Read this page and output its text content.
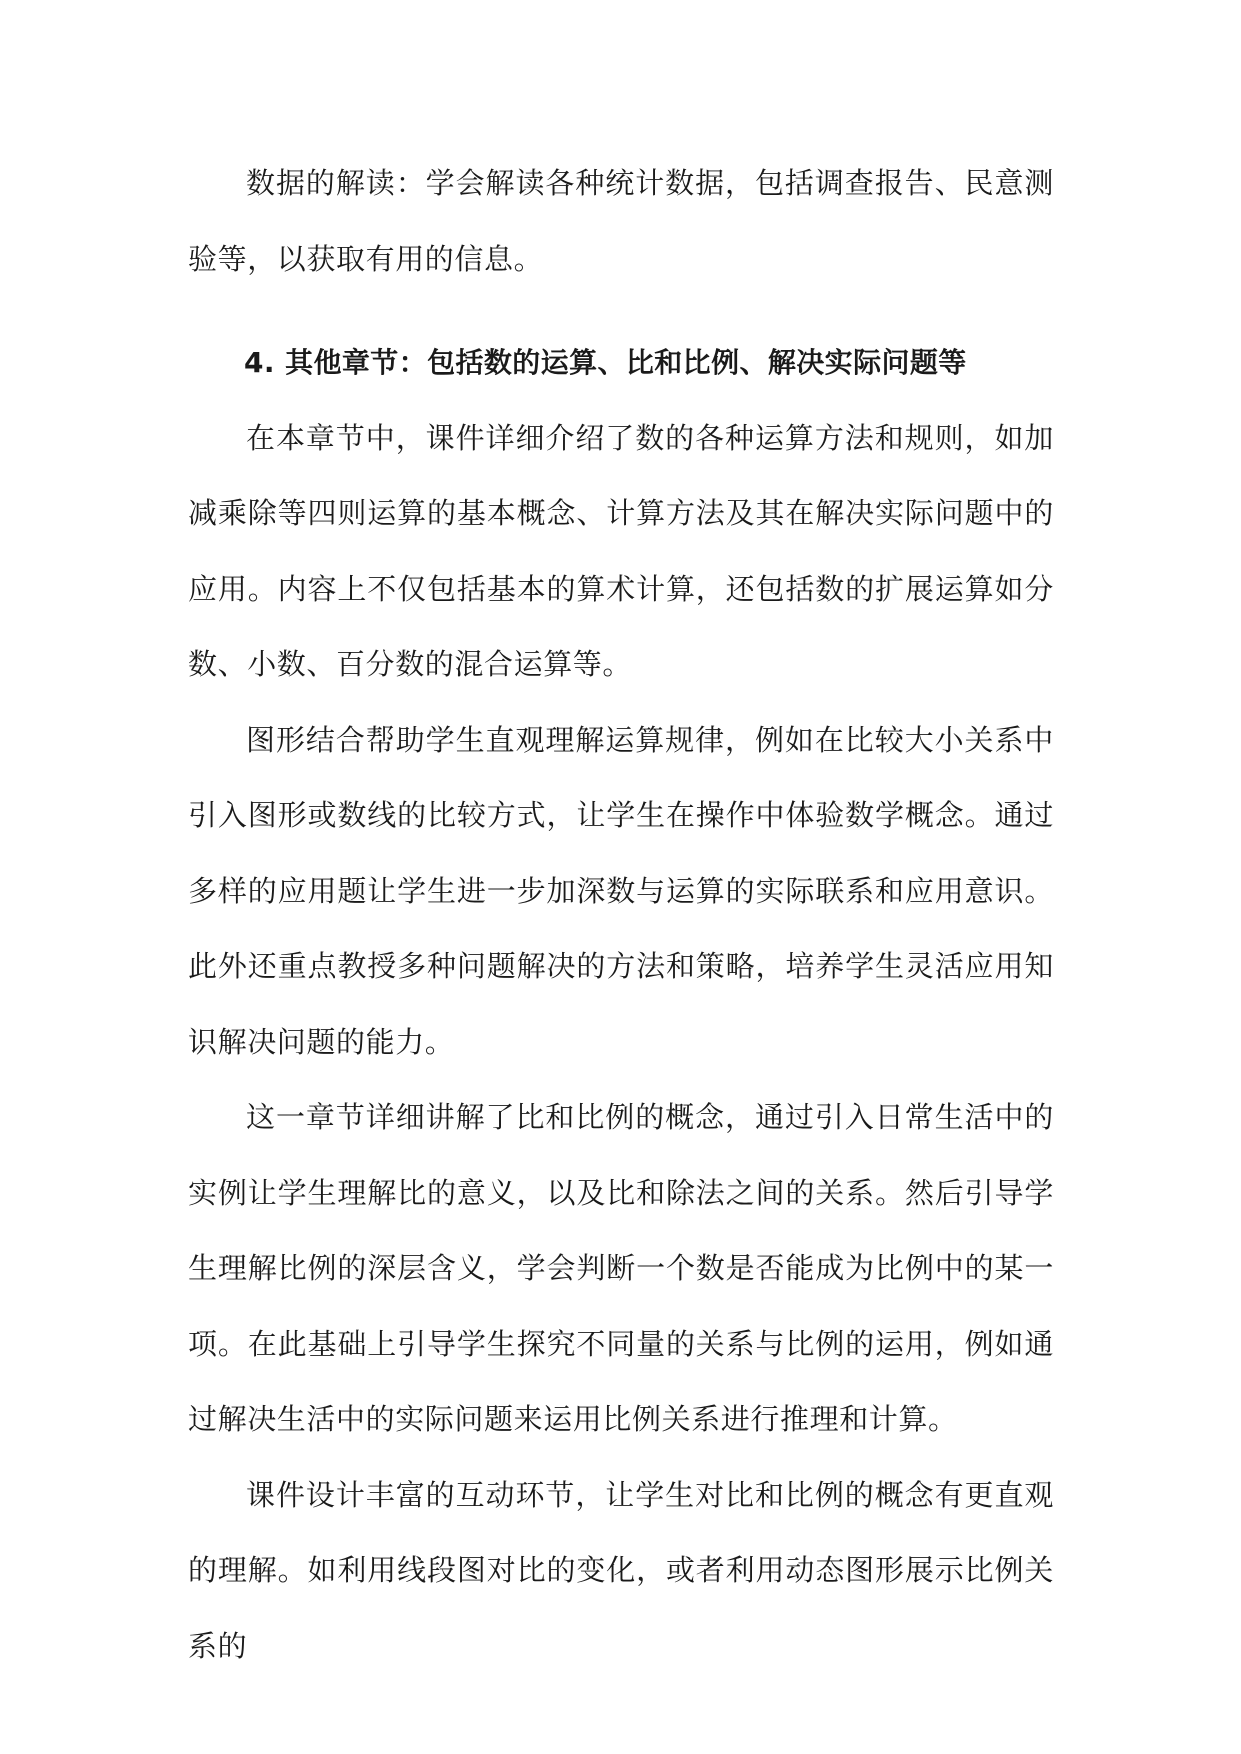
数据的解读：学会解读各种统计数据，包括调查报告、民意测验等，以获取有用的信息。

4. 其他章节：包括数的运算、比和比例、解决实际问题等

在本章节中，课件详细介绍了数的各种运算方法和规则，如加减乘除等四则运算的基本概念、计算方法及其在解决实际问题中的应用。内容上不仅包括基本的算术计算，还包括数的扩展运算如分数、小数、百分数的混合运算等。

图形结合帮助学生直观理解运算规律，例如在比较大小关系中引入图形或数线的比较方式，让学生在操作中体验数学概念。通过多样的应用题让学生进一步加深数与运算的实际联系和应用意识。此外还重点教授多种问题解决的方法和策略，培养学生灵活应用知识解决问题的能力。

这一章节详细讲解了比和比例的概念，通过引入日常生活中的实例让学生理解比的意义，以及比和除法之间的关系。然后引导学生理解比例的深层含义，学会判断一个数是否能成为比例中的某一项。在此基础上引导学生探究不同量的关系与比例的运用，例如通过解决生活中的实际问题来运用比例关系进行推理和计算。

课件设计丰富的互动环节，让学生对比和比例的概念有更直观的理解。如利用线段图对比的变化，或者利用动态图形展示比例关系的
